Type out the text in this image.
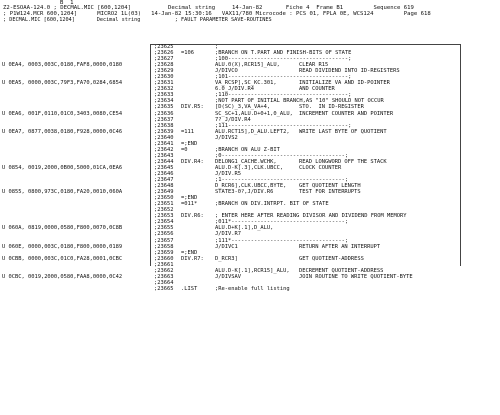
B  1
Z2-ESOAA-124.0 ; DECMAL.MIC [600,1204]           Decimal string     14-Jan-82       Fiche 4  Frame B1         Sequence 619
; P1W124.MCR 600,1204]      MICRO2 1L(03)   14-Jan-82 15:30:16   VAX11/780 Microcode : PCS 01, FPLA 0E, WCS124         Page 618
; DECMAL.MIC [600,1204]       Decimal string           ; FAULT PARAMETER SAVE-ROUTINES
;23625	;
;23626 =106	;BRANCH ON T.PART AND FINISH-BITS OF STATE
;23627	;100-------------------------------------;
U 0EA4, 0003,003C,0180,FAF8,0000,0180	;23628	ALU.0(X),RCR15]_ALU,	CLEAR R15
;23629	J/DIVCO	READ DIVIDEND INTO ID-REGISTERS
;23630	;101-------------------------------------;
U 0EA5, 0000,003C,79F3,FA70,0284,6854	;23631	VA_RCSP],SC_KC.301,	INITIALIZE VA AND ID-POINTER
;23632	6.0_J/DIV.R4	AND COUNTER
;23633	;110-------------------------------------;
;23634	;NOT PART OF INITIAL BRANCH,AS "10" SHOULD NOT OCCUR
;23635 DIV.R5: [D(SC)_3,VA_VA+4,	STO.  IN ID-REGISTER
U 0EA6, 001F,0110,01C0,3403,0080,CE54	;23636	SC_SC+1,ALU.D+0+1,0_ALU, INCREMENT COUNTER AND POINTER
;23637	7?_J/DIV.R4
;23638	;111-------------------------------------;
U 0EA7, 0877,0038,0180,F928,0000,0C46	;23639 =111	ALU.RCT15],D_ALU.LEFT2, WRITE LAST BYTE OF QUOTIENT
;23640	J/DIVS2
;23641 =;END
;23642 =0	;BRANCH ON ALU Z-BIT
;23643	;0--------------------------------------;
;23644 DIV.R4: DELONG1_CACHE.WCHK,	READ LONGWORD OFF THE STACK
U 0854, 0019,2000,0B00,5000,01CA,0EA6	;23645	ALU.D-K[.3],CLK.UBCC,	CLOCK COUNTER
;23646	J/DIV.R5
;23647	;1--------------------------------------;
;23648	D_RCR6],CLK.UBCC,BYTE, GET QUOTIENT LENGTH
U 0855, 0800,973C,0180,FA20,0010,060A	;23649	STATE3-0?,J/DIV.R6	TEST FOR INTERRUPTS
;23650 =;END
;23651 =011*	;BRANCH ON DIV.INTRPT. BIT OF STATE
;23652
;23653 DIV.R6: ; ENTER HERE AFTER READING DIVISOR AND DIVIDEND FROM MEMORY
;23654	;011*-----------------------------------;
U 060A, 0819,0000,0580,F800,0070,0C8B	;23655	ALU.D+K[.1],D_ALU,
;23656	J/DIV.R7
;23657	;111*-----------------------------------;
U 060E, 0000,003C,0180,F800,0000,0189	;23658	J/DIVC1	RETURN AFTER AN INTERRUPT
;23659 =;END
U 0CBB, 0000,003C,01C0,FA28,0001,0CBC	;23660 DIV.R7: D_RCR3]	GET QUOTIENT-ADDRESS
;23661
;23662	ALU.D-K[.1],RCR15]_ALU, DECREMENT QUOTIENT-ADDRESS
U 0CBC, 0019,2000,0580,FAA8,0000,0C42	;23663	J/DIVSAV	JOIN ROUTINE TO WRITE QUOTIENT-BYTE
;23664
;23665 .LIST	;Re-enable full listing
